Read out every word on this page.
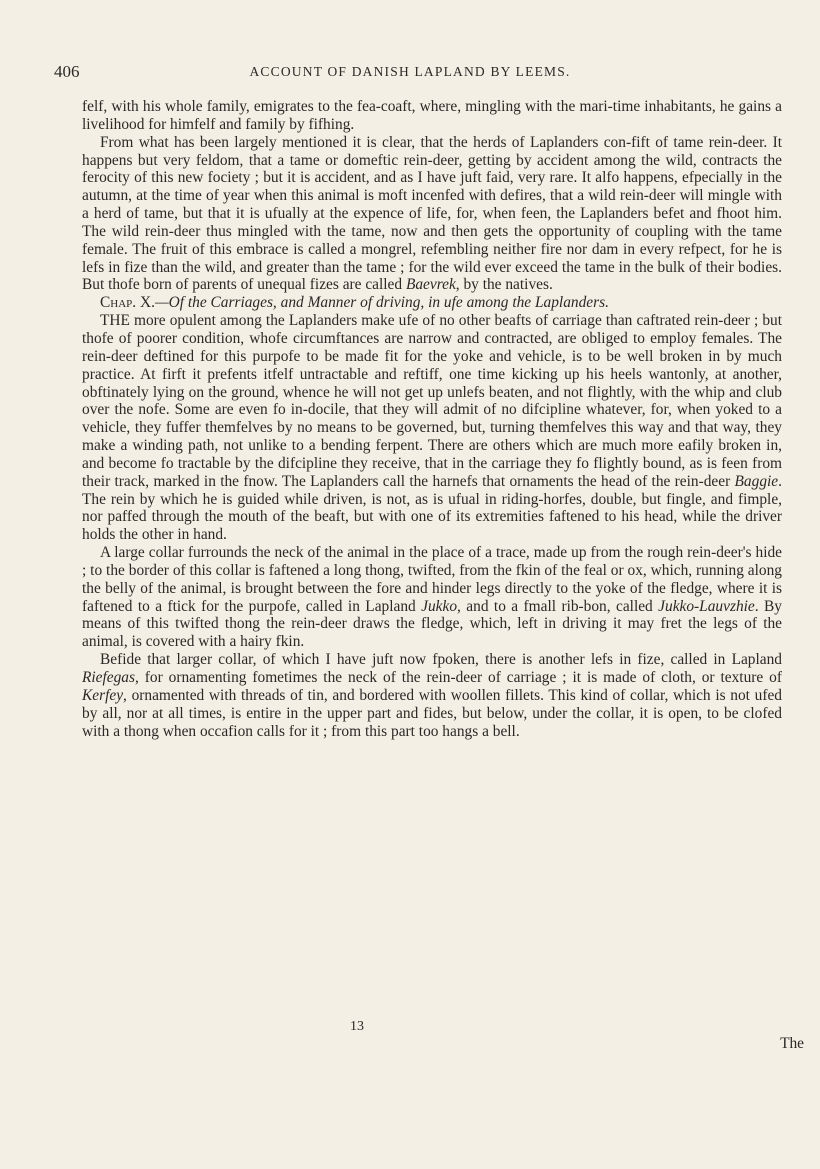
406	ACCOUNT OF DANISH LAPLAND BY LEEMS.

felf, with his whole family, emigrates to the fea-coaft, where, mingling with the mari-time inhabitants, he gains a livelihood for himfelf and family by fifhing.

From what has been largely mentioned it is clear, that the herds of Laplanders con-fift of tame rein-deer. It happens but very feldom, that a tame or domeftic rein-deer, getting by accident among the wild, contracts the ferocity of this new fociety ; but it is accident, and as I have juft faid, very rare. It alfo happens, efpecially in the autumn, at the time of year when this animal is moft incenfed with defires, that a wild rein-deer will mingle with a herd of tame, but that it is ufually at the expence of life, for, when feen, the Laplanders befet and fhoot him. The wild rein-deer thus mingled with the tame, now and then gets the opportunity of coupling with the tame female. The fruit of this embrace is called a mongrel, refembling neither fire nor dam in every refpect, for he is lefs in fize than the wild, and greater than the tame ; for the wild ever exceed the tame in the bulk of their bodies. But thofe born of parents of unequal fizes are called Baevrek, by the natives.

Chap. X.—Of the Carriages, and Manner of driving, in ufe among the Laplanders.

THE more opulent among the Laplanders make ufe of no other beafts of carriage than caftrated rein-deer ; but thofe of poorer condition, whofe circumftances are narrow and contracted, are obliged to employ females. The rein-deer deftined for this purpofe to be made fit for the yoke and vehicle, is to be well broken in by much practice. At firft it prefents itfelf untractable and reftiff, one time kicking up his heels wantonly, at another, obftinately lying on the ground, whence he will not get up unlefs beaten, and not flightly, with the whip and club over the nofe. Some are even fo in-docile, that they will admit of no difcipline whatever, for, when yoked to a vehicle, they fuffer themfelves by no means to be governed, but, turning themfelves this way and that way, they make a winding path, not unlike to a bending ferpent. There are others which are much more eafily broken in, and become fo tractable by the difcipline they receive, that in the carriage they fo flightly bound, as is feen from their track, marked in the fnow. The Laplanders call the harnefs that ornaments the head of the rein-deer Baggie. The rein by which he is guided while driven, is not, as is ufual in riding-horfes, double, but fingle, and fimple, nor paffed through the mouth of the beaft, but with one of its extremities faftened to his head, while the driver holds the other in hand.

A large collar furrounds the neck of the animal in the place of a trace, made up from the rough rein-deer's hide ; to the border of this collar is faftened a long thong, twifted, from the fkin of the feal or ox, which, running along the belly of the animal, is brought between the fore and hinder legs directly to the yoke of the fledge, where it is faftened to a ftick for the purpofe, called in Lapland Jukko, and to a fmall rib-bon, called Jukko-Lauvzhie. By means of this twifted thong the rein-deer draws the fledge, which, left in driving it may fret the legs of the animal, is covered with a hairy fkin.

Befide that larger collar, of which I have juft now fpoken, there is another lefs in fize, called in Lapland Riefegas, for ornamenting fometimes the neck of the rein-deer of carriage ; it is made of cloth, or texture of Kerfey, ornamented with threads of tin, and bordered with woollen fillets. This kind of collar, which is not ufed by all, nor at all times, is entire in the upper part and fides, but below, under the collar, it is open, to be clofed with a thong when occafion calls for it ; from this part too hangs a bell.

13
The
